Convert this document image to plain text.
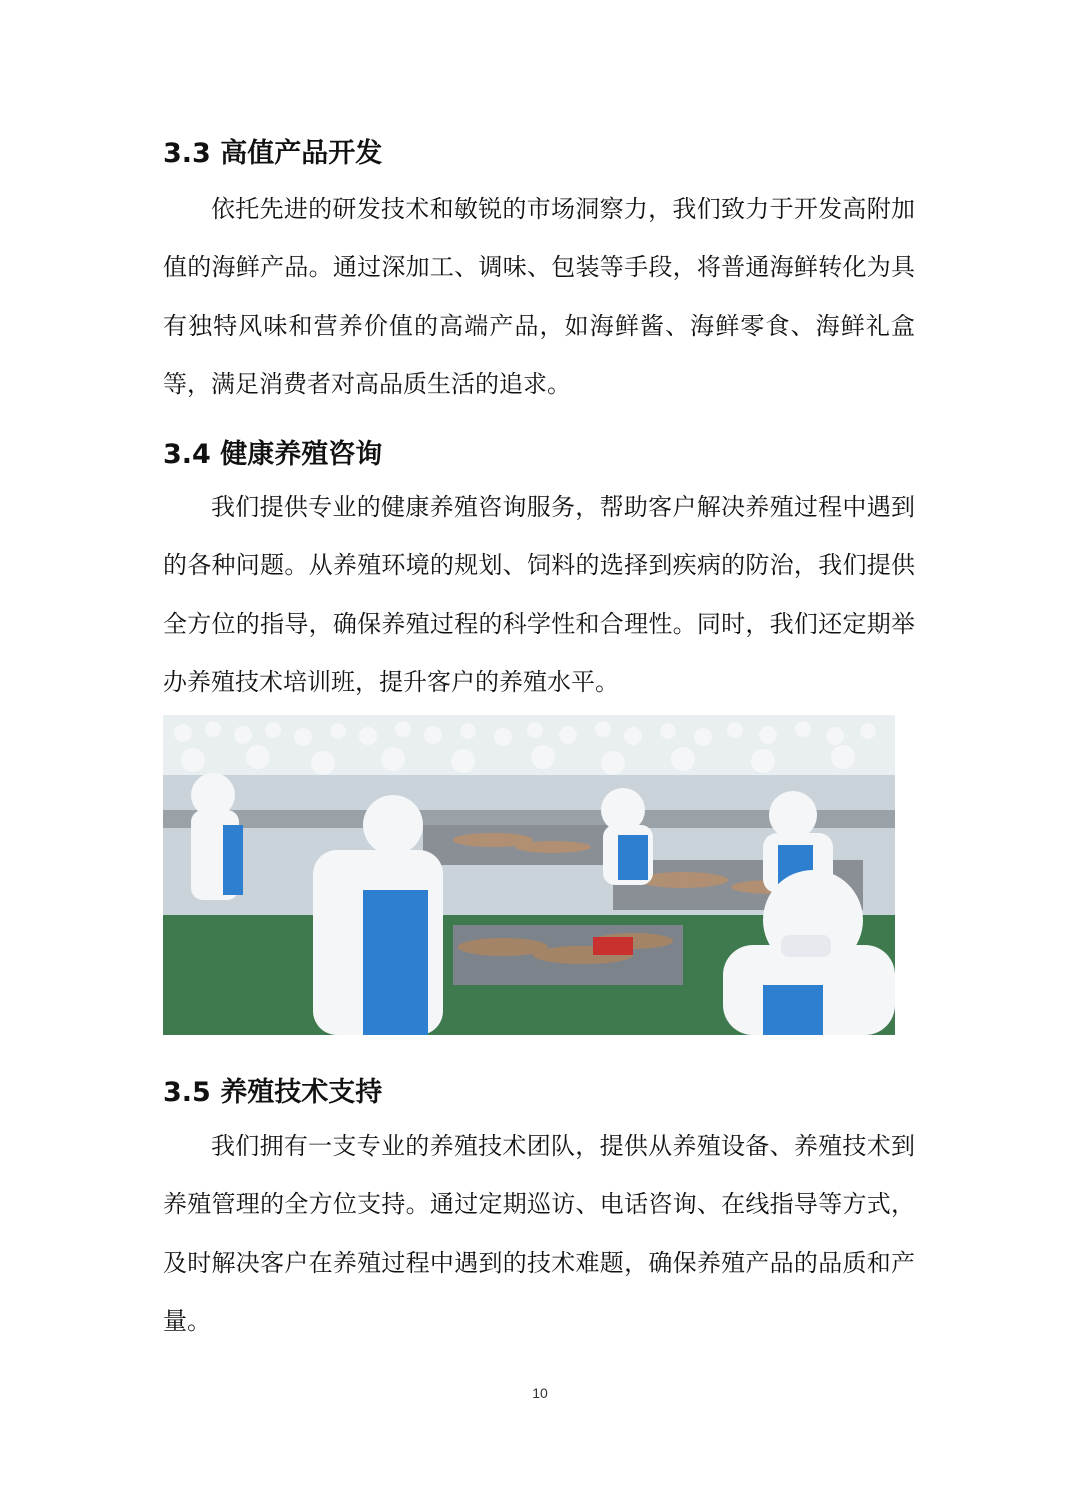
3.3 高值产品开发

依托先进的研发技术和敏锐的市场洞察力，我们致力于开发高附加值的海鲜产品。通过深加工、调味、包装等手段，将普通海鲜转化为具有独特风味和营养价值的高端产品，如海鲜酱、海鲜零食、海鲜礼盒等，满足消费者对高品质生活的追求。

3.4 健康养殖咨询

我们提供专业的健康养殖咨询服务，帮助客户解决养殖过程中遇到的各种问题。从养殖环境的规划、饲料的选择到疾病的防治，我们提供全方位的指导，确保养殖过程的科学性和合理性。同时，我们还定期举办养殖技术培训班，提升客户的养殖水平。

3.5 养殖技术支持

我们拥有一支专业的养殖技术团队，提供从养殖设备、养殖技术到养殖管理的全方位支持。通过定期巡访、电话咨询、在线指导等方式，及时解决客户在养殖过程中遇到的技术难题，确保养殖产品的品质和产量。

10
